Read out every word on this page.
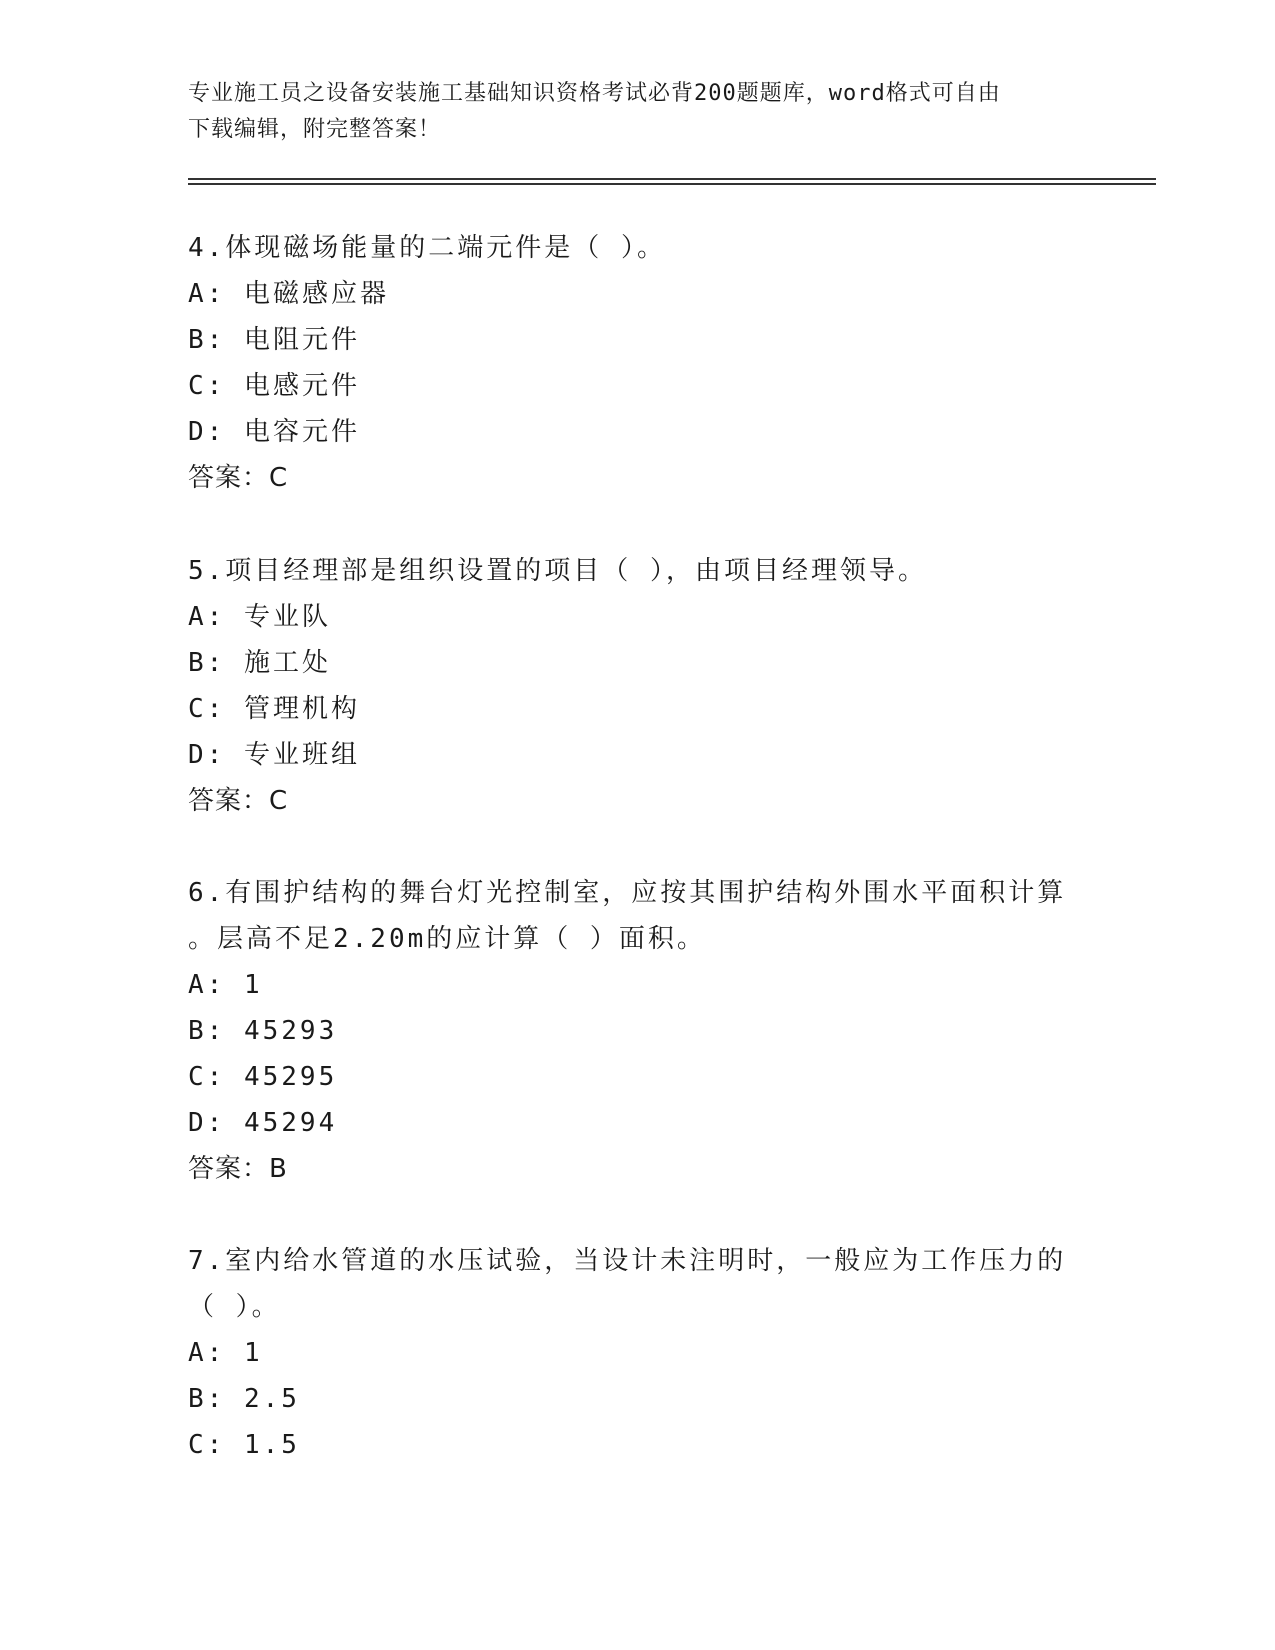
专业施工员之设备安装施工基础知识资格考试必背200题题库，word格式可自由
下载编辑，附完整答案！
4.体现磁场能量的二端元件是（ ）。
A: 电磁感应器
B: 电阻元件
C: 电感元件
D: 电容元件
答案：C
5.项目经理部是组织设置的项目（ ），由项目经理领导。
A: 专业队
B: 施工处
C: 管理机构
D: 专业班组
答案：C
6.有围护结构的舞台灯光控制室，应按其围护结构外围水平面积计算
。层高不足2.20m的应计算（ ）面积。
A: 1
B: 45293
C: 45295
D: 45294
答案：B
7.室内给水管道的水压试验，当设计未注明时，一般应为工作压力的
（ ）。
A: 1
B: 2.5
C: 1.5
